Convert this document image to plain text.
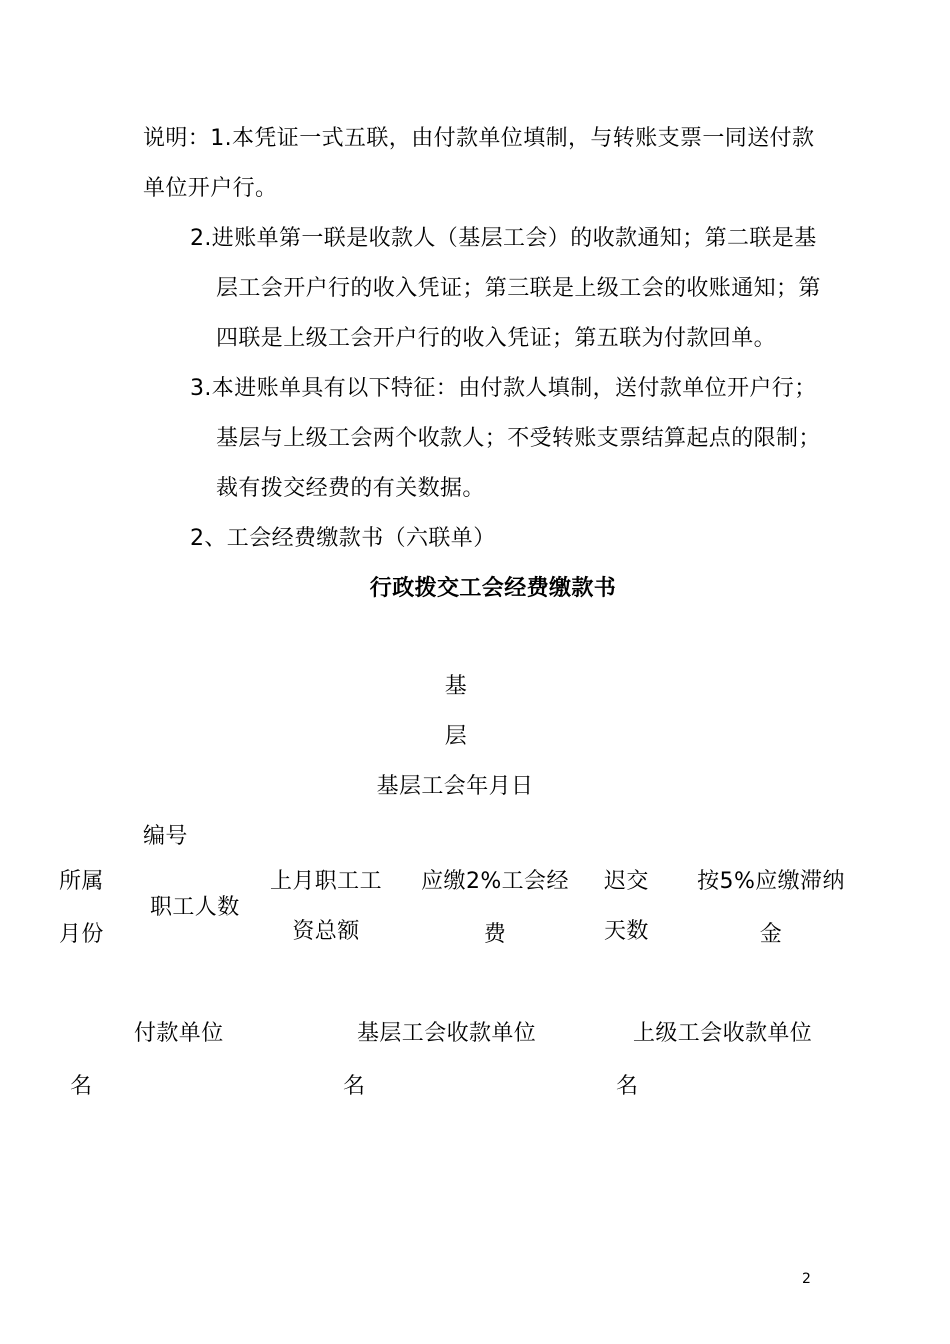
说明：1.本凭证一式五联，由付款单位填制，与转账支票一同送付款
单位开户行。
2.进账单第一联是收款人（基层工会）的收款通知；第二联是基
层工会开户行的收入凭证；第三联是上级工会的收账通知；第
四联是上级工会开户行的收入凭证；第五联为付款回单。
3.本进账单具有以下特征：由付款人填制，送付款单位开户行；
基层与上级工会两个收款人；不受转账支票结算起点的限制；
裁有拨交经费的有关数据。
2、工会经费缴款书（六联单）
行政拨交工会经费缴款书
基
层
基层工会年月日
编号
所属
月份
职工人数
上月职工工
资总额
应缴2%工会经
费
迟交
天数
按5%应缴滞纳
金
付款单位
名
基层工会收款单位
名
上级工会收款单位
名
2
